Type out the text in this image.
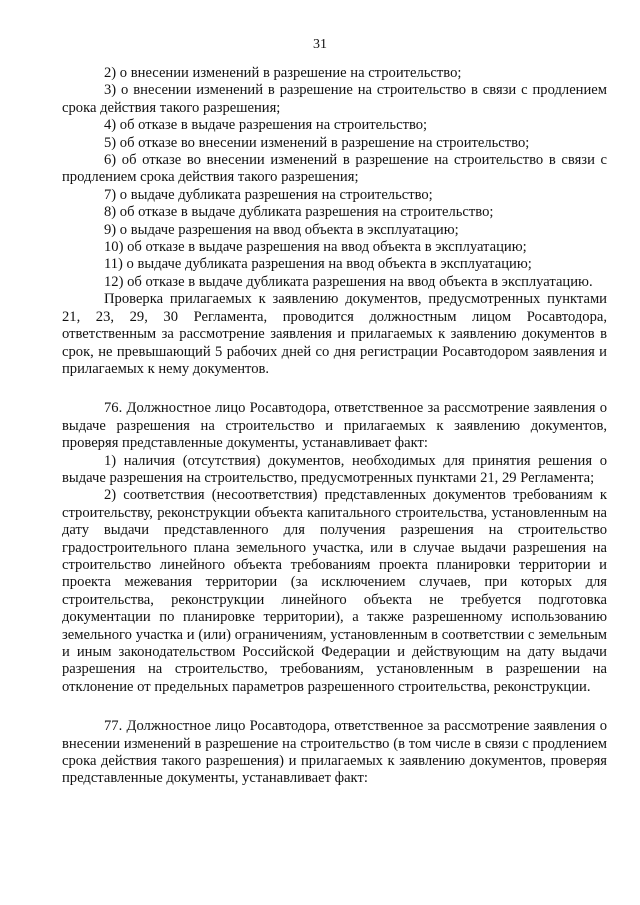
31

2) о внесении изменений в разрешение на строительство;

3) о внесении изменений в разрешение на строительство в связи с продлением срока действия такого разрешения;

4) об отказе в выдаче разрешения на строительство;

5) об отказе во внесении изменений в разрешение на строительство;

6) об отказе во внесении изменений в разрешение на строительство в связи с продлением срока действия такого разрешения;

7) о выдаче дубликата разрешения на строительство;

8) об отказе в выдаче дубликата разрешения на строительство;

9) о выдаче разрешения на ввод объекта в эксплуатацию;

10) об отказе в выдаче разрешения на ввод объекта в эксплуатацию;

11) о выдаче дубликата разрешения на ввод объекта в эксплуатацию;

12) об отказе в выдаче дубликата разрешения на ввод объекта в эксплуатацию.

Проверка прилагаемых к заявлению документов, предусмотренных пунктами 21, 23, 29, 30 Регламента, проводится должностным лицом Росавтодора, ответственным за рассмотрение заявления и прилагаемых к заявлению документов в срок, не превышающий 5 рабочих дней со дня регистрации Росавтодором заявления и прилагаемых к нему документов.

76. Должностное лицо Росавтодора, ответственное за рассмотрение заявления о выдаче разрешения на строительство и прилагаемых к заявлению документов, проверяя представленные документы, устанавливает факт:

1) наличия (отсутствия) документов, необходимых для принятия решения о выдаче разрешения на строительство, предусмотренных пунктами 21, 29 Регламента;

2) соответствия (несоответствия) представленных документов требованиям к строительству, реконструкции объекта капитального строительства, установленным на дату выдачи представленного для получения разрешения на строительство градостроительного плана земельного участка, или в случае выдачи разрешения на строительство линейного объекта требованиям проекта планировки территории и проекта межевания территории (за исключением случаев, при которых для строительства, реконструкции линейного объекта не требуется подготовка документации по планировке территории), а также разрешенному использованию земельного участка и (или) ограничениям, установленным в соответствии с земельным и иным законодательством Российской Федерации и действующим на дату выдачи разрешения на строительство, требованиям, установленным в разрешении на отклонение от предельных параметров разрешенного строительства, реконструкции.

77. Должностное лицо Росавтодора, ответственное за рассмотрение заявления о внесении изменений в разрешение на строительство (в том числе в связи с продлением срока действия такого разрешения) и прилагаемых к заявлению документов, проверяя представленные документы, устанавливает факт:
